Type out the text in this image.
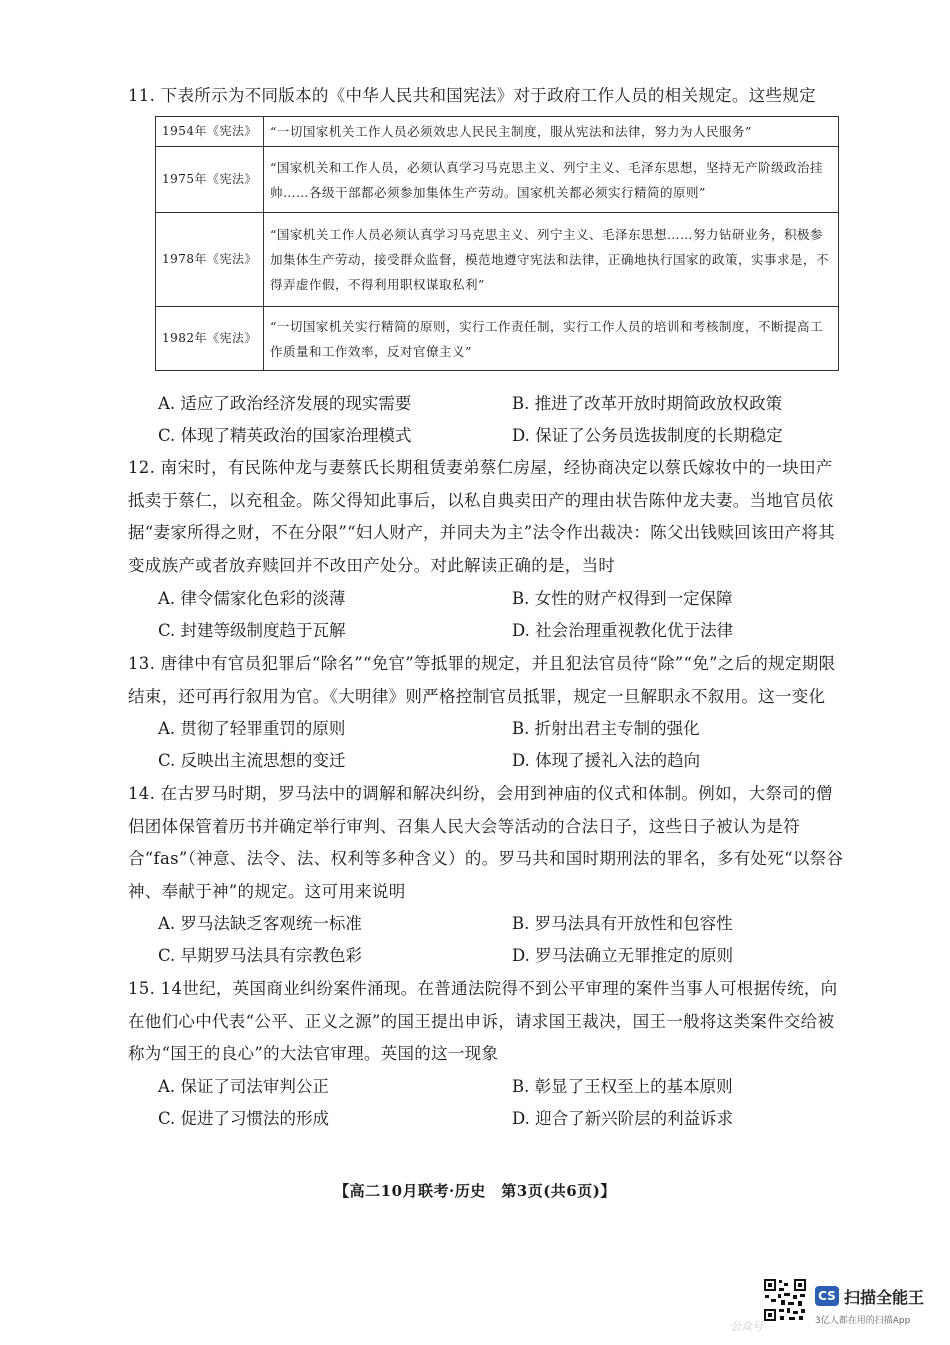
11. 下表所示为不同版本的《中华人民共和国宪法》对于政府工作人员的相关规定。这些规定

1954年《宪法》	“一切国家机关工作人员必须效忠人民民主制度，服从宪法和法律，努力为人民服务”
1975年《宪法》	“国家机关和工作人员，必须认真学习马克思主义、列宁主义、毛泽东思想，坚持无产阶级政治挂帅……各级干部都必须参加集体生产劳动。国家机关都必须实行精简的原则”
1978年《宪法》	“国家机关工作人员必须认真学习马克思主义、列宁主义、毛泽东思想……努力钻研业务，积极参加集体生产劳动，接受群众监督，模范地遵守宪法和法律，正确地执行国家的政策，实事求是，不得弄虚作假，不得利用职权谋取私利”
1982年《宪法》	“一切国家机关实行精简的原则，实行工作责任制，实行工作人员的培训和考核制度，不断提高工作质量和工作效率，反对官僚主义”
A. 适应了政治经济发展的现实需要	B. 推进了改革开放时期简政放权政策
C. 体现了精英政治的国家治理模式	D. 保证了公务员选拔制度的长期稳定

12. 南宋时，有民陈仲龙与妻蔡氏长期租赁妻弟蔡仁房屋，经协商决定以蔡氏嫁妆中的一块田产抵卖于蔡仁，以充租金。陈父得知此事后，以私自典卖田产的理由状告陈仲龙夫妻。当地官员依据“妻家所得之财，不在分限”“妇人财产，并同夫为主”法令作出裁决：陈父出钱赎回该田产将其变成族产或者放弃赎回并不改田产处分。对此解读正确的是，当时

A. 律令儒家化色彩的淡薄	B. 女性的财产权得到一定保障
C. 封建等级制度趋于瓦解	D. 社会治理重视教化优于法律

13. 唐律中有官员犯罪后“除名”“免官”等抵罪的规定，并且犯法官员待“除”“免”之后的规定期限结束，还可再行叙用为官。《大明律》则严格控制官员抵罪，规定一旦解职永不叙用。这一变化

A. 贯彻了轻罪重罚的原则	B. 折射出君主专制的强化
C. 反映出主流思想的变迁	D. 体现了援礼入法的趋向

14. 在古罗马时期，罗马法中的调解和解决纠纷，会用到神庙的仪式和体制。例如，大祭司的僧侣团体保管着历书并确定举行审判、召集人民大会等活动的合法日子，这些日子被认为是符合“fas”（神意、法令、法、权利等多种含义）的。罗马共和国时期刑法的罪名，多有处死“以祭谷神、奉献于神”的规定。这可用来说明

A. 罗马法缺乏客观统一标准	B. 罗马法具有开放性和包容性
C. 早期罗马法具有宗教色彩	D. 罗马法确立无罪推定的原则

15. 14世纪，英国商业纠纷案件涌现。在普通法院得不到公平审理的案件当事人可根据传统，向在他们心中代表“公平、正义之源”的国王提出申诉，请求国王裁决，国王一般将这类案件交给被称为“国王的良心”的大法官审理。英国的这一现象

A. 保证了司法审判公正	B. 彰显了王权至上的基本原则
C. 促进了习惯法的形成	D. 迎合了新兴阶层的利益诉求
【高二10月联考·历史　第3页(共6页)】
公众号
CS 扫描全能王
3亿人都在用的扫描App
